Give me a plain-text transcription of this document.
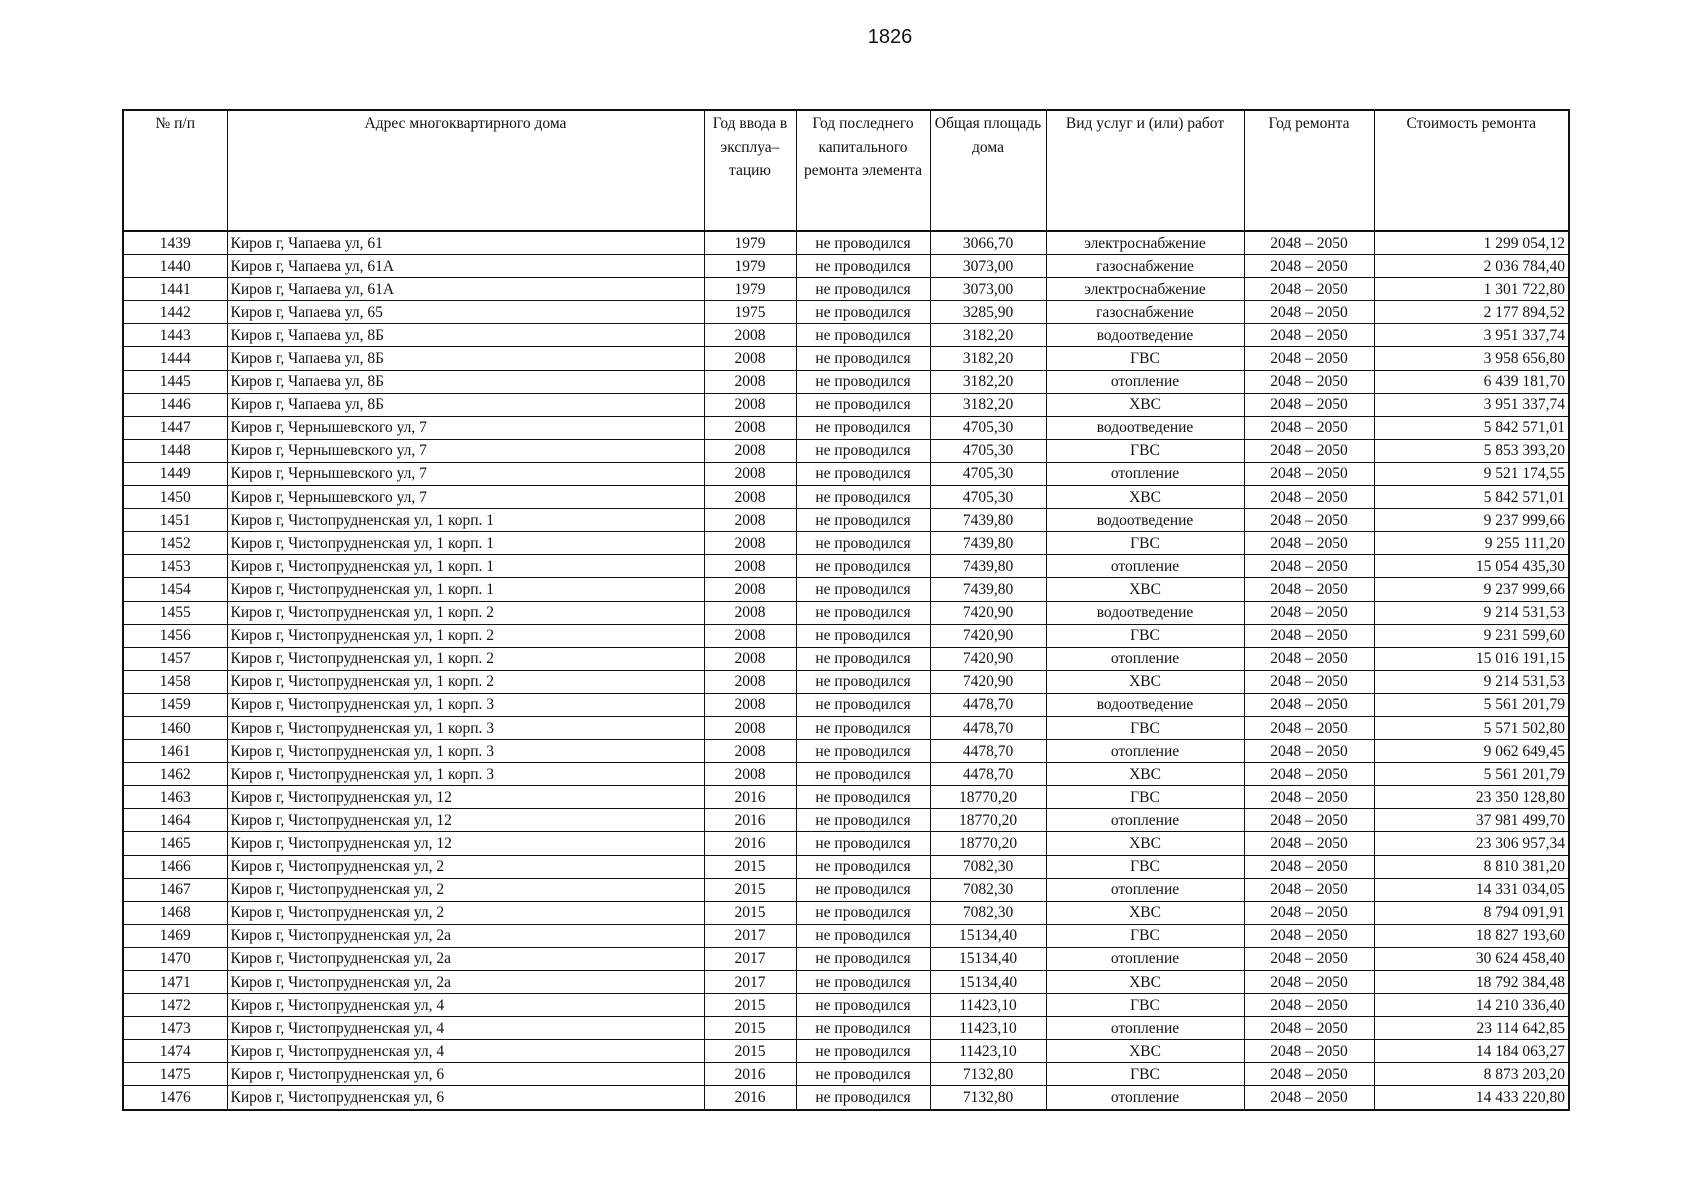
1826
№ п/п	Адрес многоквартирного дома	Год ввода в эксплуа– тацию	Год последнего капитального ремонта элемента	Общая площадь дома	Вид услуг и (или) работ	Год ремонта	Стоимость ремонта
1439	Киров г, Чапаева ул, 61	1979	не проводился	3066,70	электроснабжение	2048 – 2050	1 299 054,12
1440	Киров г, Чапаева ул, 61А	1979	не проводился	3073,00	газоснабжение	2048 – 2050	2 036 784,40
1441	Киров г, Чапаева ул, 61А	1979	не проводился	3073,00	электроснабжение	2048 – 2050	1 301 722,80
1442	Киров г, Чапаева ул, 65	1975	не проводился	3285,90	газоснабжение	2048 – 2050	2 177 894,52
1443	Киров г, Чапаева ул, 8Б	2008	не проводился	3182,20	водоотведение	2048 – 2050	3 951 337,74
1444	Киров г, Чапаева ул, 8Б	2008	не проводился	3182,20	ГВС	2048 – 2050	3 958 656,80
1445	Киров г, Чапаева ул, 8Б	2008	не проводился	3182,20	отопление	2048 – 2050	6 439 181,70
1446	Киров г, Чапаева ул, 8Б	2008	не проводился	3182,20	ХВС	2048 – 2050	3 951 337,74
1447	Киров г, Чернышевского ул, 7	2008	не проводился	4705,30	водоотведение	2048 – 2050	5 842 571,01
1448	Киров г, Чернышевского ул, 7	2008	не проводился	4705,30	ГВС	2048 – 2050	5 853 393,20
1449	Киров г, Чернышевского ул, 7	2008	не проводился	4705,30	отопление	2048 – 2050	9 521 174,55
1450	Киров г, Чернышевского ул, 7	2008	не проводился	4705,30	ХВС	2048 – 2050	5 842 571,01
1451	Киров г, Чистопрудненская ул, 1 корп. 1	2008	не проводился	7439,80	водоотведение	2048 – 2050	9 237 999,66
1452	Киров г, Чистопрудненская ул, 1 корп. 1	2008	не проводился	7439,80	ГВС	2048 – 2050	9 255 111,20
1453	Киров г, Чистопрудненская ул, 1 корп. 1	2008	не проводился	7439,80	отопление	2048 – 2050	15 054 435,30
1454	Киров г, Чистопрудненская ул, 1 корп. 1	2008	не проводился	7439,80	ХВС	2048 – 2050	9 237 999,66
1455	Киров г, Чистопрудненская ул, 1 корп. 2	2008	не проводился	7420,90	водоотведение	2048 – 2050	9 214 531,53
1456	Киров г, Чистопрудненская ул, 1 корп. 2	2008	не проводился	7420,90	ГВС	2048 – 2050	9 231 599,60
1457	Киров г, Чистопрудненская ул, 1 корп. 2	2008	не проводился	7420,90	отопление	2048 – 2050	15 016 191,15
1458	Киров г, Чистопрудненская ул, 1 корп. 2	2008	не проводился	7420,90	ХВС	2048 – 2050	9 214 531,53
1459	Киров г, Чистопрудненская ул, 1 корп. 3	2008	не проводился	4478,70	водоотведение	2048 – 2050	5 561 201,79
1460	Киров г, Чистопрудненская ул, 1 корп. 3	2008	не проводился	4478,70	ГВС	2048 – 2050	5 571 502,80
1461	Киров г, Чистопрудненская ул, 1 корп. 3	2008	не проводился	4478,70	отопление	2048 – 2050	9 062 649,45
1462	Киров г, Чистопрудненская ул, 1 корп. 3	2008	не проводился	4478,70	ХВС	2048 – 2050	5 561 201,79
1463	Киров г, Чистопрудненская ул, 12	2016	не проводился	18770,20	ГВС	2048 – 2050	23 350 128,80
1464	Киров г, Чистопрудненская ул, 12	2016	не проводился	18770,20	отопление	2048 – 2050	37 981 499,70
1465	Киров г, Чистопрудненская ул, 12	2016	не проводился	18770,20	ХВС	2048 – 2050	23 306 957,34
1466	Киров г, Чистопрудненская ул, 2	2015	не проводился	7082,30	ГВС	2048 – 2050	8 810 381,20
1467	Киров г, Чистопрудненская ул, 2	2015	не проводился	7082,30	отопление	2048 – 2050	14 331 034,05
1468	Киров г, Чистопрудненская ул, 2	2015	не проводился	7082,30	ХВС	2048 – 2050	8 794 091,91
1469	Киров г, Чистопрудненская ул, 2а	2017	не проводился	15134,40	ГВС	2048 – 2050	18 827 193,60
1470	Киров г, Чистопрудненская ул, 2а	2017	не проводился	15134,40	отопление	2048 – 2050	30 624 458,40
1471	Киров г, Чистопрудненская ул, 2а	2017	не проводился	15134,40	ХВС	2048 – 2050	18 792 384,48
1472	Киров г, Чистопрудненская ул, 4	2015	не проводился	11423,10	ГВС	2048 – 2050	14 210 336,40
1473	Киров г, Чистопрудненская ул, 4	2015	не проводился	11423,10	отопление	2048 – 2050	23 114 642,85
1474	Киров г, Чистопрудненская ул, 4	2015	не проводился	11423,10	ХВС	2048 – 2050	14 184 063,27
1475	Киров г, Чистопрудненская ул, 6	2016	не проводился	7132,80	ГВС	2048 – 2050	8 873 203,20
1476	Киров г, Чистопрудненская ул, 6	2016	не проводился	7132,80	отопление	2048 – 2050	14 433 220,80
